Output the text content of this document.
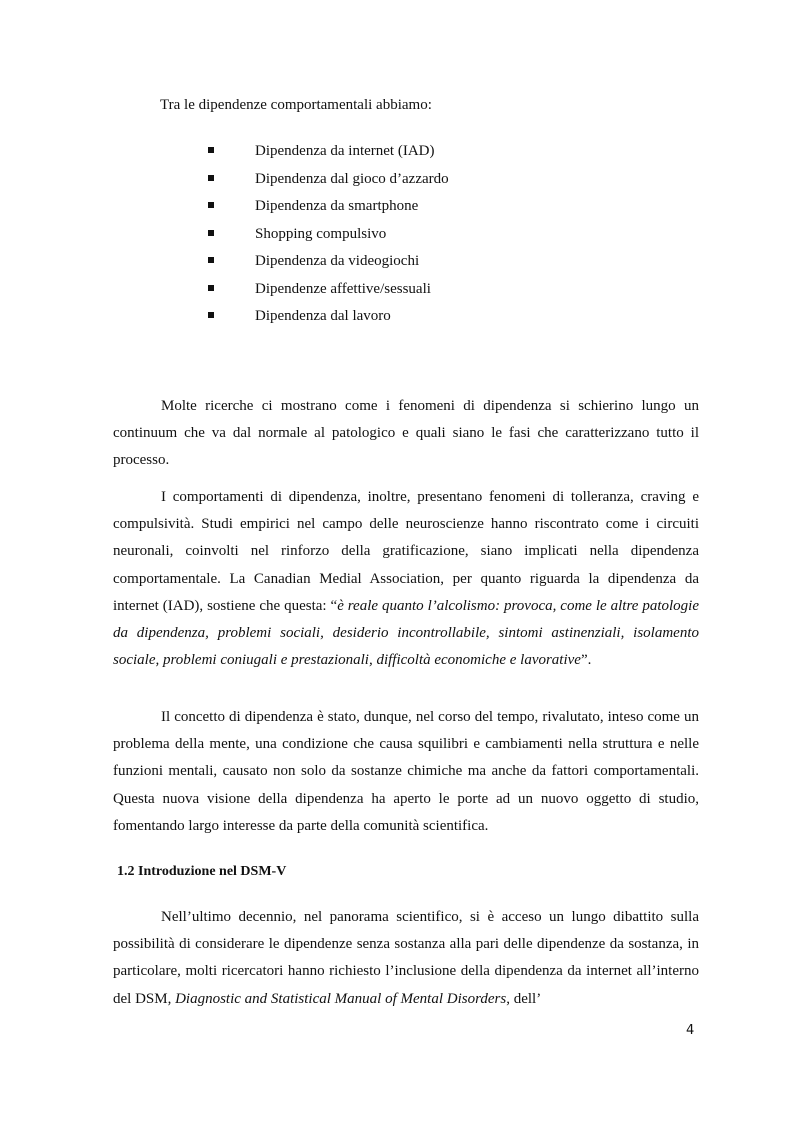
Tra le dipendenze comportamentali abbiamo:

Dipendenza da internet (IAD)
Dipendenza dal gioco d’azzardo
Dipendenza da smartphone
Shopping compulsivo
Dipendenza da videogiochi
Dipendenze affettive/sessuali
Dipendenza dal lavoro

Molte ricerche ci mostrano come i fenomeni di dipendenza si schierino lungo un continuum che va dal normale al patologico e quali siano le fasi che caratterizzano tutto il processo.

I comportamenti di dipendenza, inoltre, presentano fenomeni di tolleranza, craving e compulsività. Studi empirici nel campo delle neuroscienze hanno riscontrato come i circuiti neuronali, coinvolti nel rinforzo della gratificazione, siano implicati nella dipendenza comportamentale. La Canadian Medial Association, per quanto riguarda la dipendenza da internet (IAD), sostiene che questa: “è reale quanto l’alcolismo: provoca, come le altre patologie da dipendenza, problemi sociali, desiderio incontrollabile, sintomi astinenziali, isolamento sociale, problemi coniugali e prestazionali, difficoltà economiche e lavorative”.

Il concetto di dipendenza è stato, dunque, nel corso del tempo, rivalutato, inteso come un problema della mente, una condizione che causa squilibri e cambiamenti nella struttura e nelle funzioni mentali, causato non solo da sostanze chimiche ma anche da fattori comportamentali. Questa nuova visione della dipendenza ha aperto le porte ad un nuovo oggetto di studio, fomentando largo interesse da parte della comunità scientifica.

1.2 Introduzione nel DSM-V

Nell’ultimo decennio, nel panorama scientifico, si è acceso un lungo dibattito sulla possibilità di considerare le dipendenze senza sostanza alla pari delle dipendenze da sostanza, in particolare, molti ricercatori hanno richiesto l’inclusione della dipendenza da internet all’interno del DSM, Diagnostic and Statistical Manual of Mental Disorders, dell’

4
